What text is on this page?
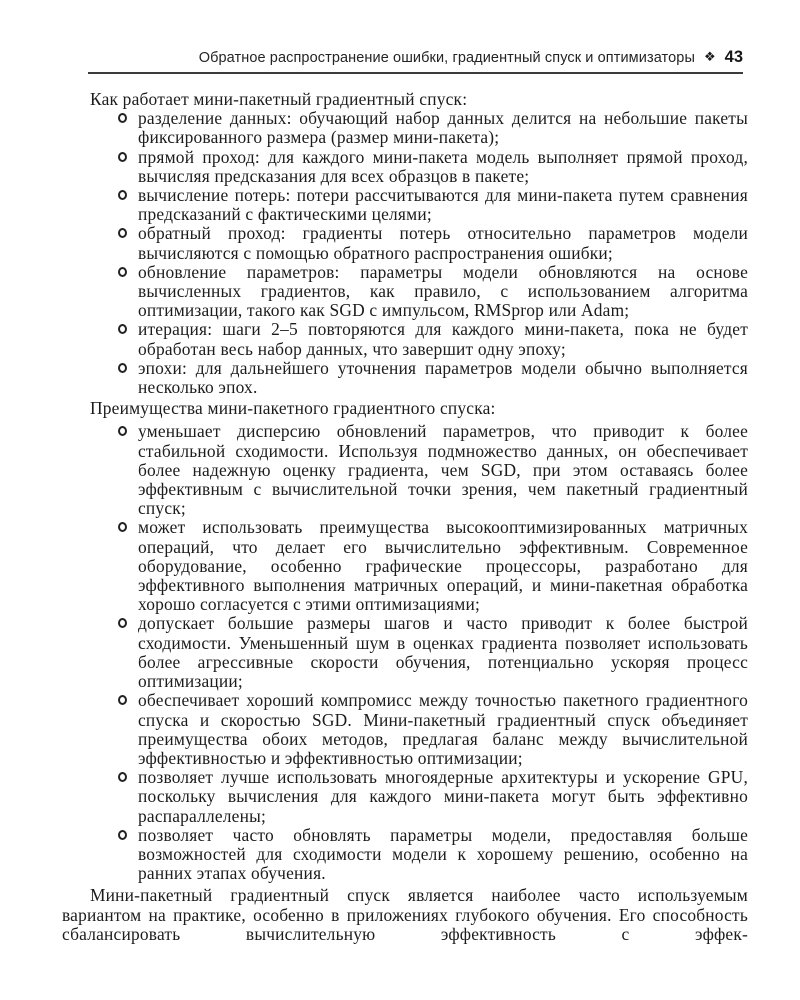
Обратное распространение ошибки, градиентный спуск и оптимизаторы ❖ 43

Как работает мини-пакетный градиентный спуск:

разделение данных: обучающий набор данных делится на небольшие пакеты фиксированного размера (размер мини-пакета);
прямой проход: для каждого мини-пакета модель выполняет прямой проход, вычисляя предсказания для всех образцов в пакете;
вычисление потерь: потери рассчитываются для мини-пакета путем сравнения предсказаний с фактическими целями;
обратный проход: градиенты потерь относительно параметров модели вычисляются с помощью обратного распространения ошибки;
обновление параметров: параметры модели обновляются на основе вычисленных градиентов, как правило, с использованием алгоритма оптимизации, такого как SGD с импульсом, RMSprop или Adam;
итерация: шаги 2–5 повторяются для каждого мини-пакета, пока не будет обработан весь набор данных, что завершит одну эпоху;
эпохи: для дальнейшего уточнения параметров модели обычно выполняется несколько эпох.

Преимущества мини-пакетного градиентного спуска:

уменьшает дисперсию обновлений параметров, что приводит к более стабильной сходимости. Используя подмножество данных, он обеспечивает более надежную оценку градиента, чем SGD, при этом оставаясь более эффективным с вычислительной точки зрения, чем пакетный градиентный спуск;
может использовать преимущества высокооптимизированных матричных операций, что делает его вычислительно эффективным. Современное оборудование, особенно графические процессоры, разработано для эффективного выполнения матричных операций, и мини-пакетная обработка хорошо согласуется с этими оптимизациями;
допускает большие размеры шагов и часто приводит к более быстрой сходимости. Уменьшенный шум в оценках градиента позволяет использовать более агрессивные скорости обучения, потенциально ускоряя процесс оптимизации;
обеспечивает хороший компромисс между точностью пакетного градиентного спуска и скоростью SGD. Мини-пакетный градиентный спуск объединяет преимущества обоих методов, предлагая баланс между вычислительной эффективностью и эффективностью оптимизации;
позволяет лучше использовать многоядерные архитектуры и ускорение GPU, поскольку вычисления для каждого мини-пакета могут быть эффективно распараллелены;
позволяет часто обновлять параметры модели, предоставляя больше возможностей для сходимости модели к хорошему решению, особенно на ранних этапах обучения.

Мини-пакетный градиентный спуск является наиболее часто используемым вариантом на практике, особенно в приложениях глубокого обучения. Его способность сбалансировать вычислительную эффективность с эффек-
